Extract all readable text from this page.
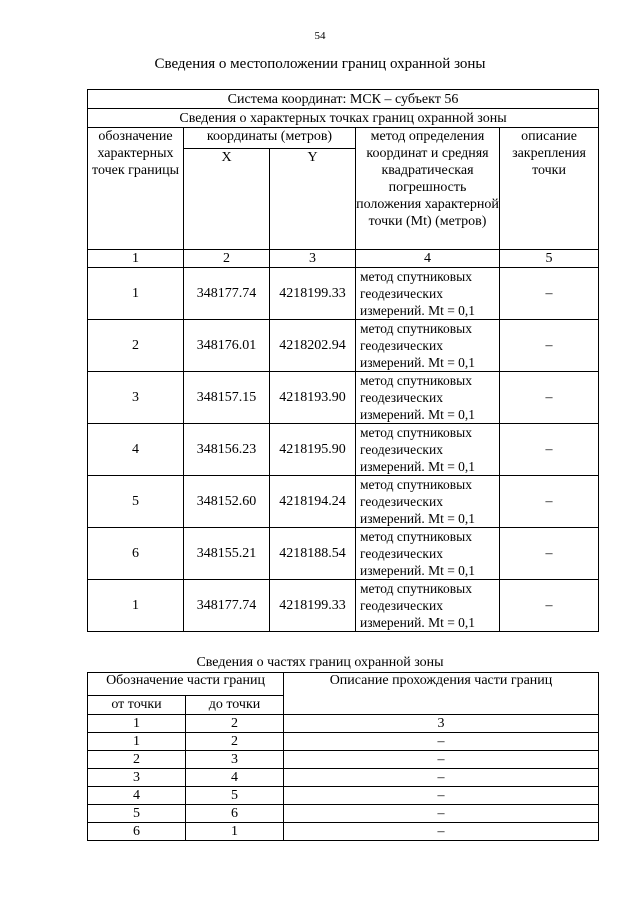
54
Сведения о местоположении границ охранной зоны
Система координат: МСК – субъект 56				
Сведения о характерных точках границ охранной зоны				
обозначение характерных точек границы	координаты (метров)		метод определения координат и средняя квадратическая погрешность положения характерной точки (Mt) (метров)	описание закрепления точки
	X	Y		
1	2	3	4	5
1	348177.74	4218199.33	метод спутниковых геодезических измерений. Mt = 0,1	–
2	348176.01	4218202.94	метод спутниковых геодезических измерений. Mt = 0,1	–
3	348157.15	4218193.90	метод спутниковых геодезических измерений. Mt = 0,1	–
4	348156.23	4218195.90	метод спутниковых геодезических измерений. Mt = 0,1	–
5	348152.60	4218194.24	метод спутниковых геодезических измерений. Mt = 0,1	–
6	348155.21	4218188.54	метод спутниковых геодезических измерений. Mt = 0,1	–
1	348177.74	4218199.33	метод спутниковых геодезических измерений. Mt = 0,1	–
Сведения о частях границ охранной зоны
Обозначение части границ		Описание прохождения части границ
от точки	до точки	
1	2	3
1	2	–
2	3	–
3	4	–
4	5	–
5	6	–
6	1	–
